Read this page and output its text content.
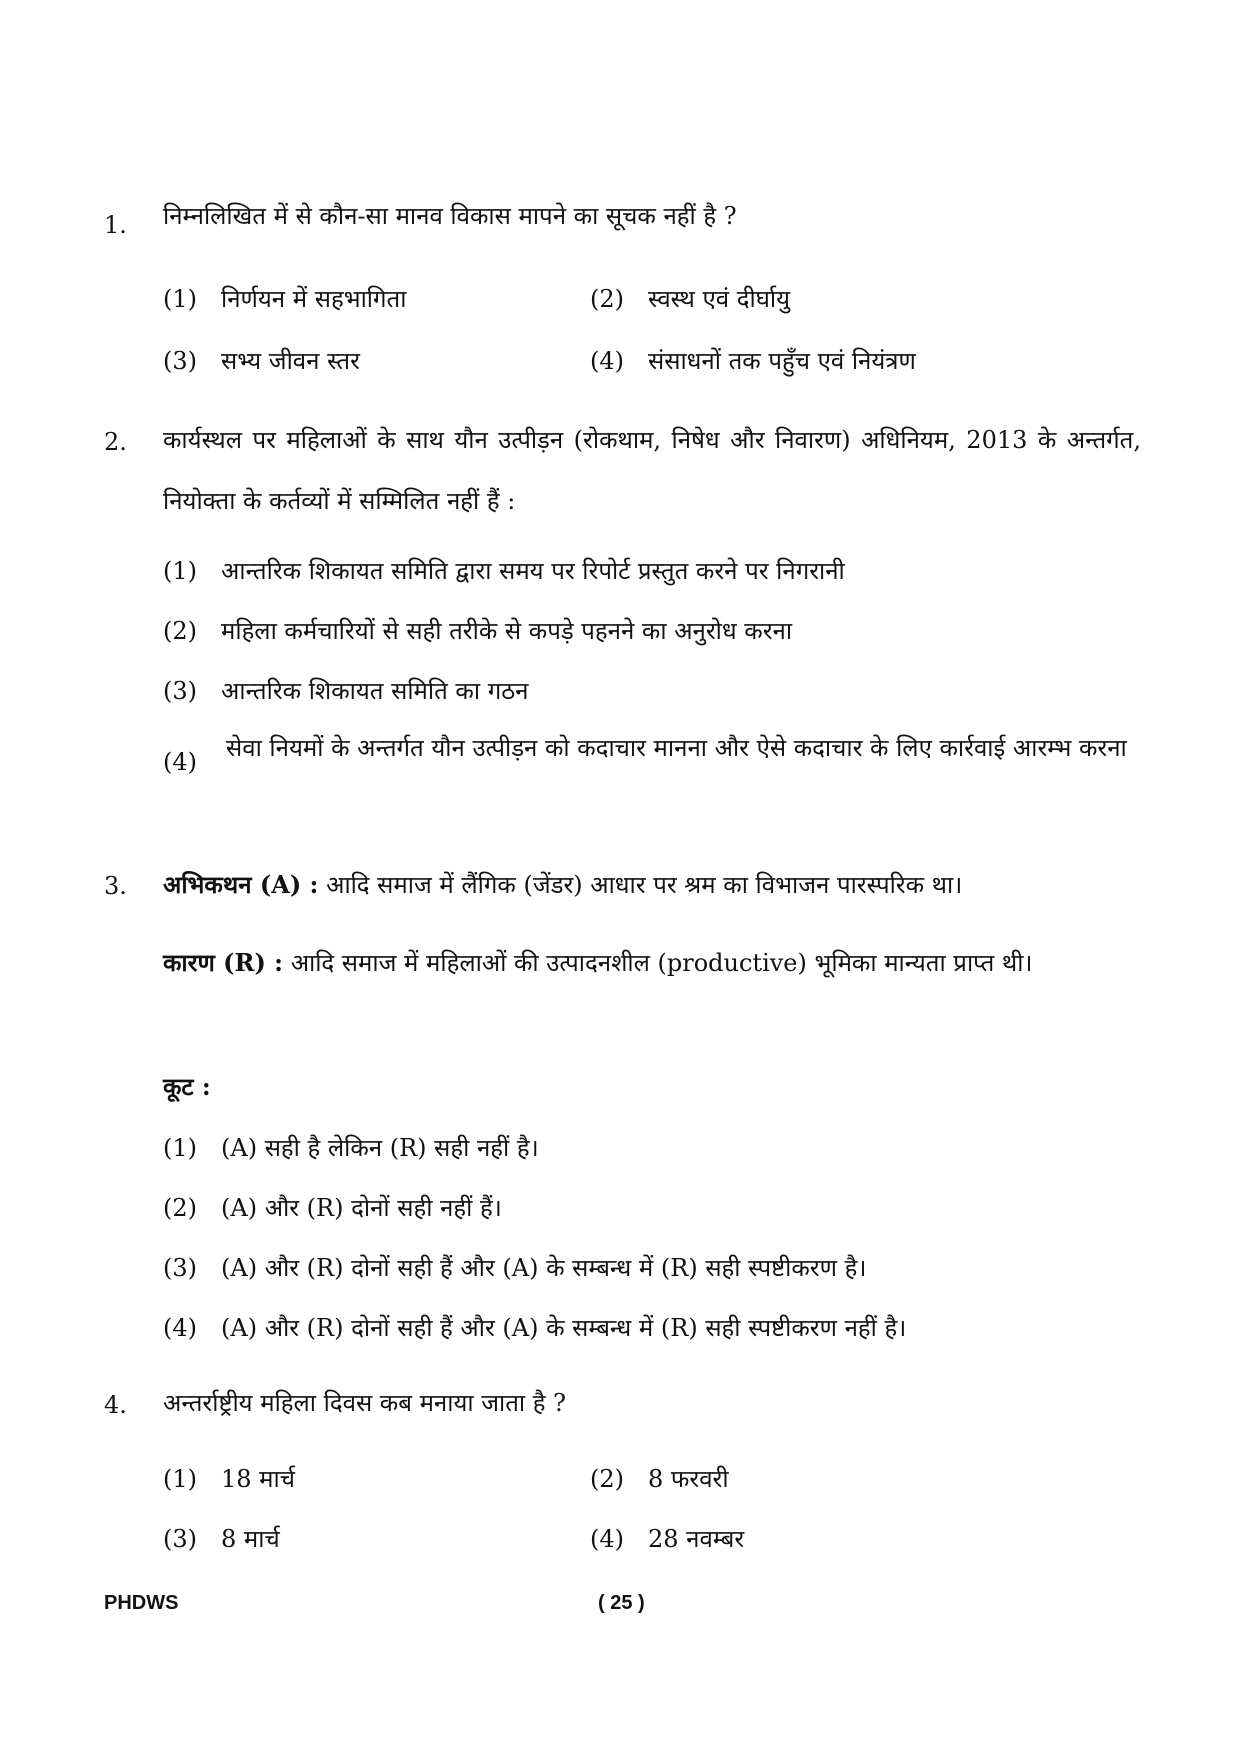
1. निम्नलिखित में से कौन-सा मानव विकास मापने का सूचक नहीं है ?
(1) निर्णयन में सहभागिता	(2) स्वस्थ एवं दीर्घायु
(3) सभ्य जीवन स्तर	(4) संसाधनों तक पहुँच एवं नियंत्रण
2. कार्यस्थल पर महिलाओं के साथ यौन उत्पीड़न (रोकथाम, निषेध और निवारण) अधिनियम, 2013 के अन्तर्गत, नियोक्ता के कर्तव्यों में सम्मिलित नहीं हैं :
(1) आन्तरिक शिकायत समिति द्वारा समय पर रिपोर्ट प्रस्तुत करने पर निगरानी
(2) महिला कर्मचारियों से सही तरीके से कपड़े पहनने का अनुरोध करना
(3) आन्तरिक शिकायत समिति का गठन
(4) सेवा नियमों के अन्तर्गत यौन उत्पीड़न को कदाचार मानना और ऐसे कदाचार के लिए कार्रवाई आरम्भ करना
3. अभिकथन (A) : आदि समाज में लैंगिक (जेंडर) आधार पर श्रम का विभाजन पारस्परिक था।
कारण (R) : आदि समाज में महिलाओं की उत्पादनशील (productive) भूमिका मान्यता प्राप्त थी।
कूट :
(1) (A) सही है लेकिन (R) सही नहीं है।
(2) (A) और (R) दोनों सही नहीं हैं।
(3) (A) और (R) दोनों सही हैं और (A) के सम्बन्ध में (R) सही स्पष्टीकरण है।
(4) (A) और (R) दोनों सही हैं और (A) के सम्बन्ध में (R) सही स्पष्टीकरण नहीं है।
4. अन्तर्राष्ट्रीय महिला दिवस कब मनाया जाता है ?
(1) 18 मार्च	(2) 8 फरवरी
(3) 8 मार्च	(4) 28 नवम्बर
PHDWS	( 25 )
